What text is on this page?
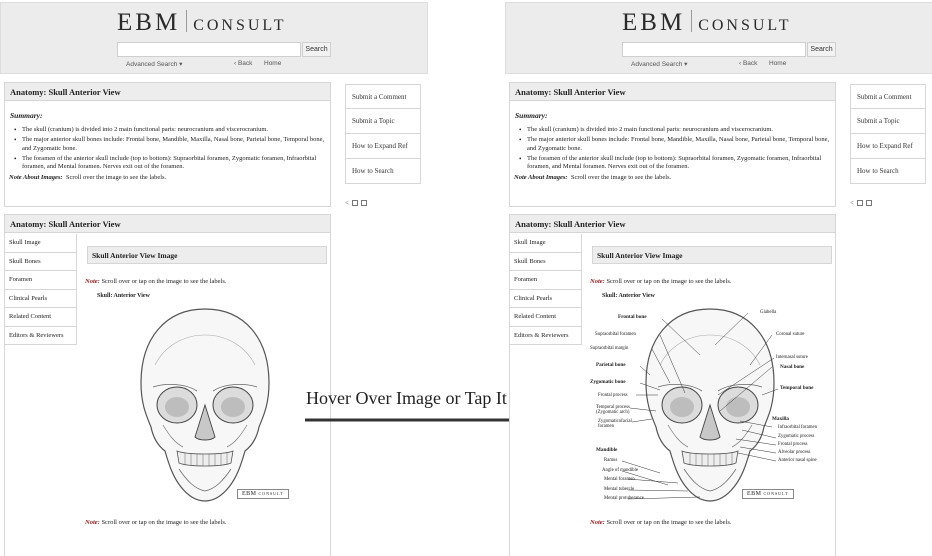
EBM consult
Search
Advanced Search ▾	‹ Back Home
Anatomy: Skull Anterior View
Summary:
• The skull (cranium) is divided into 2 main functional parts: neurocranium and viscerocranium.
• The major anterior skull bones include: Frontal bone, Mandible, Maxilla, Nasal bone, Parietal bone, Temporal bone, and Zygomatic bone.
• The foramen of the anterior skull include (top to bottom): Supraorbital foramen, Zygomatic foramen, Infraorbital foramen, and Mental foramen. Nerves exit out of the foramen.
Note About Images: Scroll over the image to see the labels.
Submit a Comment
Submit a Topic
How to Expand Ref
How to Search
<
Anatomy: Skull Anterior View
Skull Image
Skull Bones
Foramen
Clinical Pearls
Related Content
Editors & Reviewers
Skull Anterior View Image
Note: Scroll over or tap on the image to see the labels.
Skull: Anterior View
EBM consult
Note: Scroll over or tap on the image to see the labels.
Hover Over Image or Tap It
EBM consult
Search
Advanced Search ▾	‹ Back Home
Anatomy: Skull Anterior View
Summary:
• The skull (cranium) is divided into 2 main functional parts: neurocranium and viscerocranium.
• The major anterior skull bones include: Frontal bone, Mandible, Maxilla, Nasal bone, Parietal bone, Temporal bone, and Zygomatic bone.
• The foramen of the anterior skull include (top to bottom): Supraorbital foramen, Zygomatic foramen, Infraorbital foramen, and Mental foramen. Nerves exit out of the foramen.
Note About Images: Scroll over the image to see the labels.
Submit a Comment
Submit a Topic
How to Expand Ref
How to Search
<
Anatomy: Skull Anterior View
Skull Image
Skull Bones
Foramen
Clinical Pearls
Related Content
Editors & Reviewers
Skull Anterior View Image
Note: Scroll over or tap on the image to see the labels.
Skull: Anterior View
Frontal bone
Glabella
Supraorbital foramen	Coronal suture
Supraorbital margin
Internasal suture
Parietal bone	Nasal bone
Zygomatic bone
Temporal bone
Frontal process
Temporal process
(Zygomatic arch)
Zygomaticofacial
foramen
Maxilla
Infraorbital foramen
Zygomatic process
Frontal process
Alveolar process
Anterior nasal spine
Mandible
Ramus
Angle of mandible
Mental foramen
Mental tubercle
Mental protuberance
EBM consult
Note: Scroll over or tap on the image to see the labels.
